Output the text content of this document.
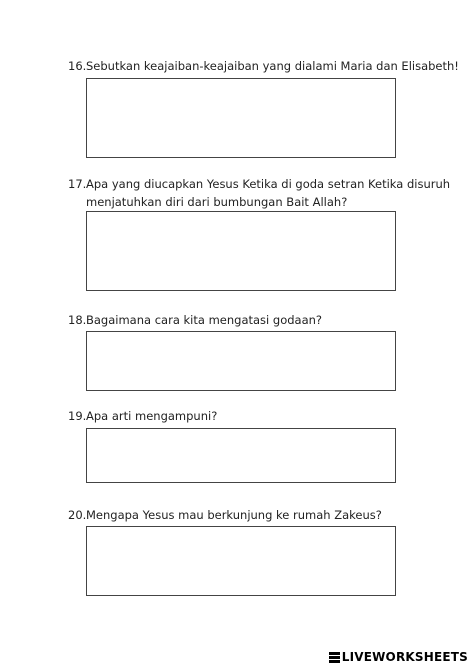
16. Sebutkan keajaiban-keajaiban yang dialami Maria dan Elisabeth!
17. Apa yang diucapkan Yesus Ketika di goda setran Ketika disuruh
menjatuhkan diri dari bumbungan Bait Allah?
18. Bagaimana cara kita mengatasi godaan?
19. Apa arti mengampuni?
20. Mengapa Yesus mau berkunjung ke rumah Zakeus?
LIVEWORKSHEETS
